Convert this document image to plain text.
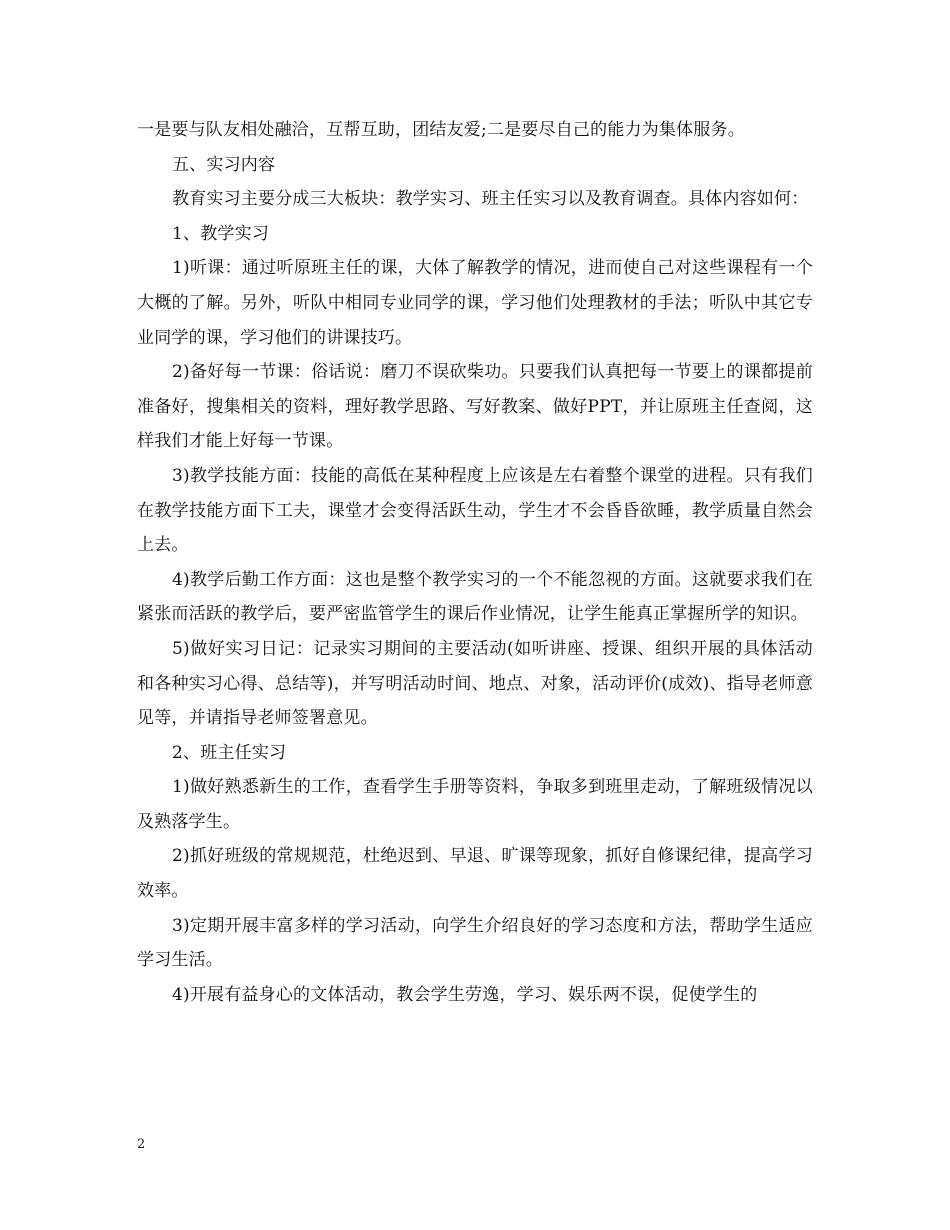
一是要与队友相处融洽，互帮互助，团结友爱;二是要尽自己的能力为集体服务。

五、实习内容

教育实习主要分成三大板块：教学实习、班主任实习以及教育调查。具体内容如何：

1、教学实习

1)听课：通过听原班主任的课，大体了解教学的情况，进而使自己对这些课程有一个大概的了解。另外，听队中相同专业同学的课，学习他们处理教材的手法；听队中其它专业同学的课，学习他们的讲课技巧。

2)备好每一节课：俗话说：磨刀不误砍柴功。只要我们认真把每一节要上的课都提前准备好，搜集相关的资料，理好教学思路、写好教案、做好PPT，并让原班主任查阅，这样我们才能上好每一节课。

3)教学技能方面：技能的高低在某种程度上应该是左右着整个课堂的进程。只有我们在教学技能方面下工夫，课堂才会变得活跃生动，学生才不会昏昏欲睡，教学质量自然会上去。

4)教学后勤工作方面：这也是整个教学实习的一个不能忽视的方面。这就要求我们在紧张而活跃的教学后，要严密监管学生的课后作业情况，让学生能真正掌握所学的知识。

5)做好实习日记：记录实习期间的主要活动(如听讲座、授课、组织开展的具体活动和各种实习心得、总结等)，并写明活动时间、地点、对象，活动评价(成效)、指导老师意见等，并请指导老师签署意见。

2、班主任实习

1)做好熟悉新生的工作，查看学生手册等资料，争取多到班里走动，了解班级情况以及熟落学生。

2)抓好班级的常规规范，杜绝迟到、早退、旷课等现象，抓好自修课纪律，提高学习效率。

3)定期开展丰富多样的学习活动，向学生介绍良好的学习态度和方法，帮助学生适应学习生活。

4)开展有益身心的文体活动，教会学生劳逸，学习、娱乐两不误，促使学生的

2
